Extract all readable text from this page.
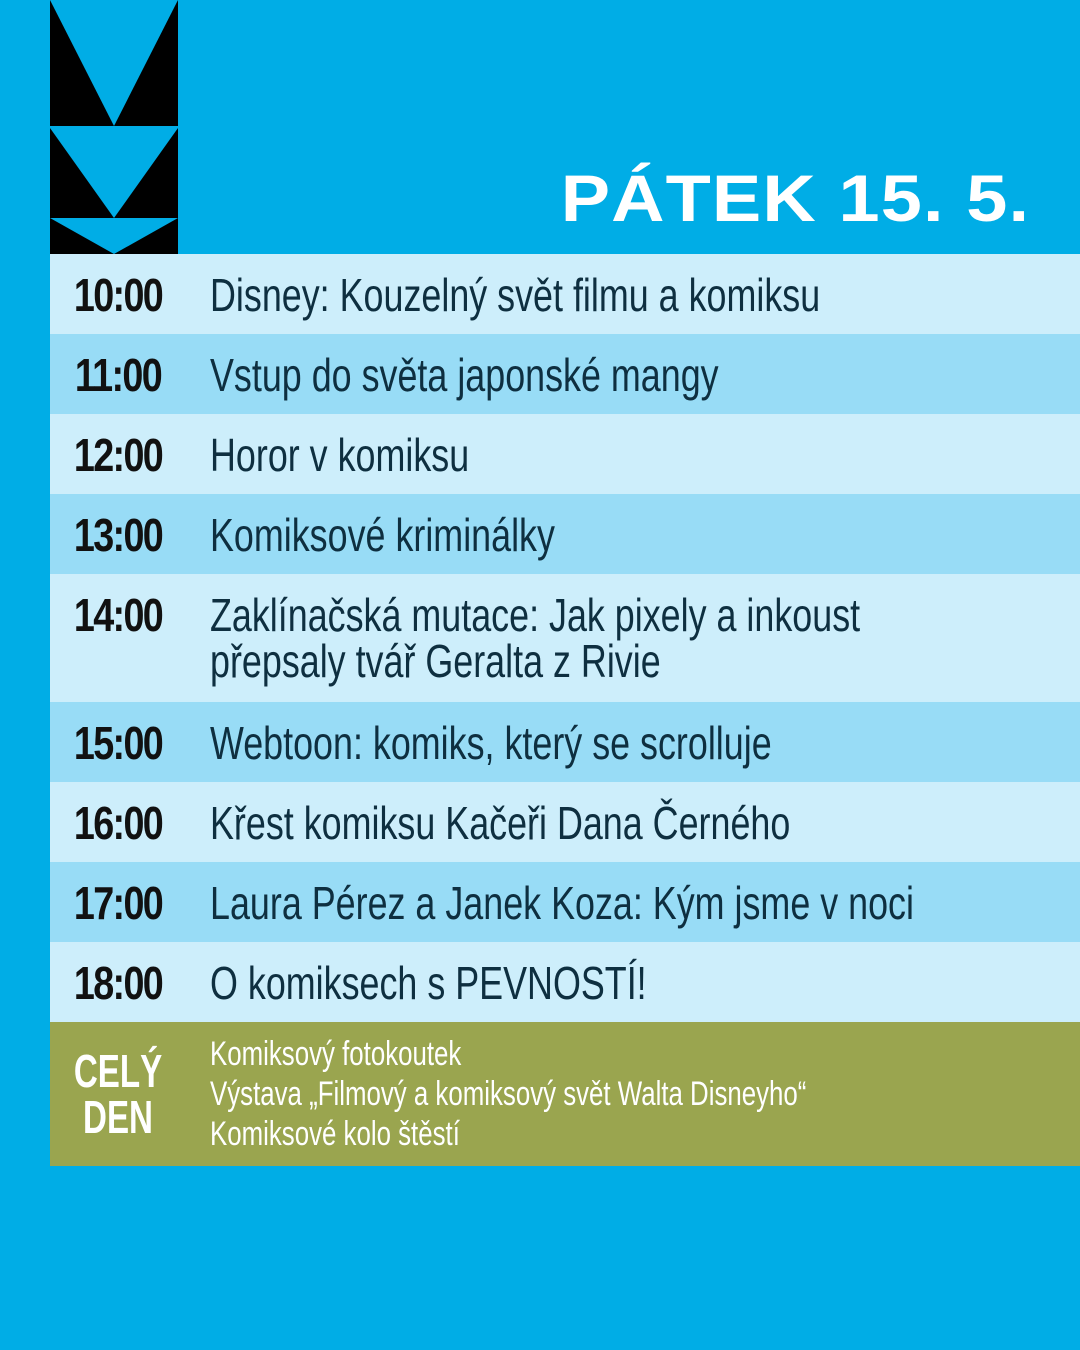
PÁTEK 15. 5.
10:00 Disney: Kouzelný svět filmu a komiksu
11:00 Vstup do světa japonské mangy
12:00 Horor v komiksu
13:00 Komiksové kriminálky
14:00 Zaklínačská mutace: Jak pixely a inkoust
přepsaly tvář Geralta z Rivie
15:00 Webtoon: komiks, který se scrolluje
16:00 Křest komiksu Kačeři Dana Černého
17:00 Laura Pérez a Janek Koza: Kým jsme v noci
18:00 O komiksech s PEVNOSTÍ!
CELÝ
DEN
Komiksový fotokoutek
Výstava „Filmový a komiksový svět Walta Disneyho“
Komiksové kolo štěstí
